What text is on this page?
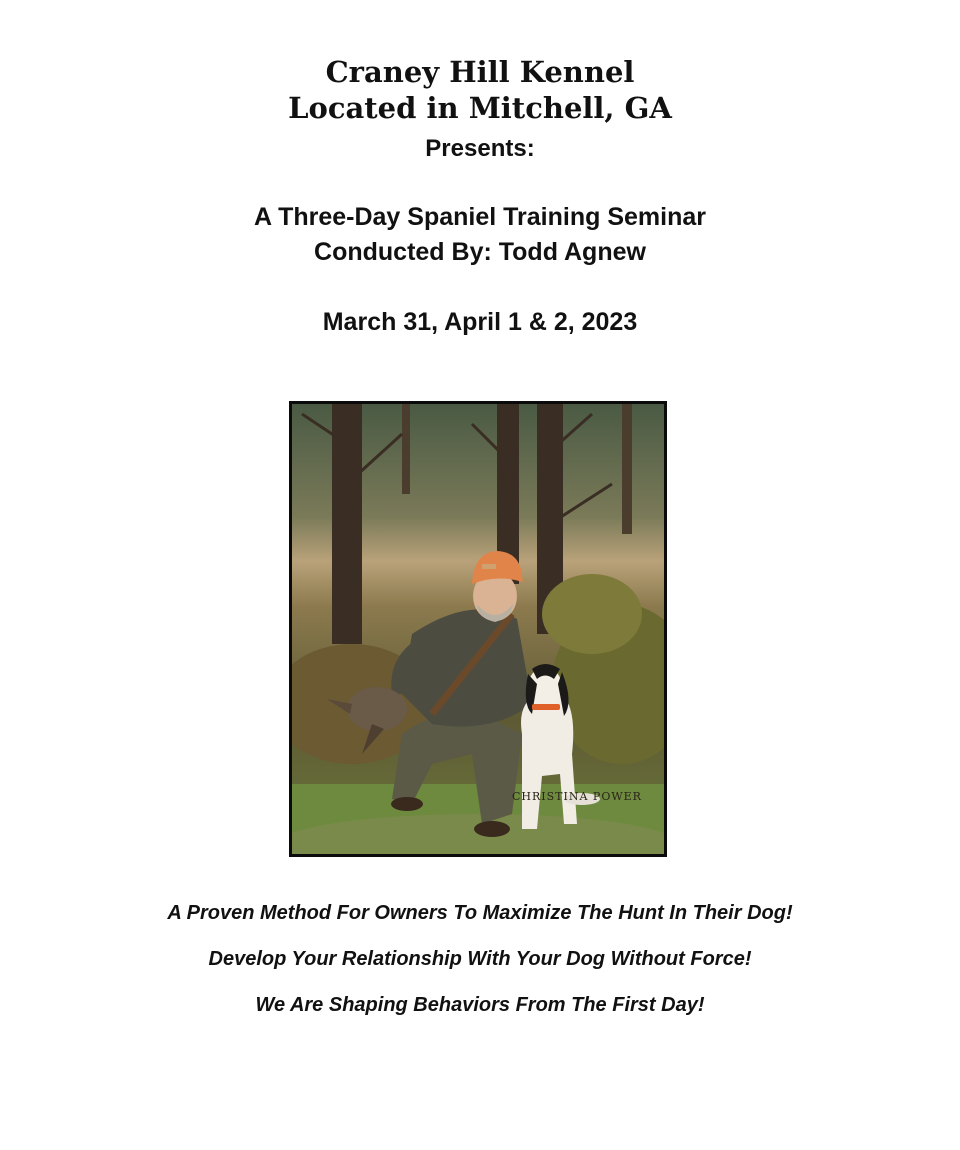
Craney Hill Kennel
Located in Mitchell, GA
Presents:
A Three-Day Spaniel Training Seminar
Conducted By: Todd Agnew
March 31, April 1 & 2, 2023
CHRISTINA POWER
A Proven Method For Owners To Maximize The Hunt In Their Dog!
Develop Your Relationship With Your Dog Without Force!
We Are Shaping Behaviors From The First Day!
